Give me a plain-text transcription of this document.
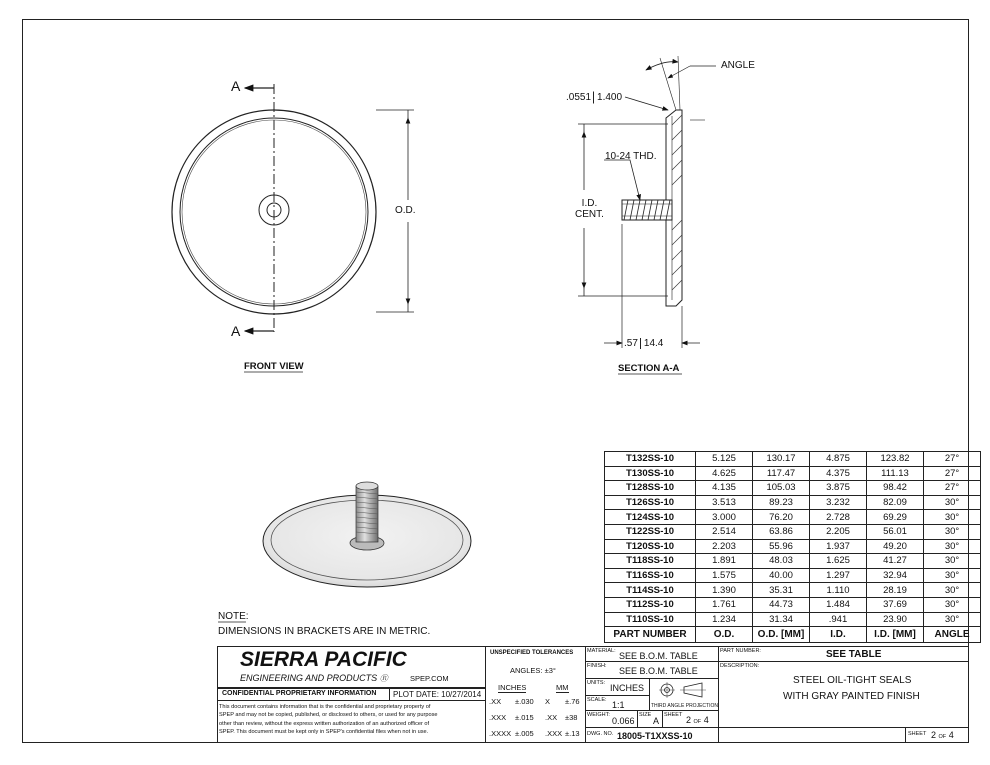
A
A
O.D.
FRONT VIEW	SECTION A-A
I.D.
CENT.
10-24 THD.
ANGLE
.0551 1.400
.57 14.4
NOTE:
DIMENSIONS IN BRACKETS ARE IN METRIC.
T132SS-10	5.125	130.17	4.875	123.82	27°
T130SS-10	4.625	117.47	4.375	111.13	27°
T128SS-10	4.135	105.03	3.875	98.42	27°
T126SS-10	3.513	89.23	3.232	82.09	30°
T124SS-10	3.000	76.20	2.728	69.29	30°
T122SS-10	2.514	63.86	2.205	56.01	30°
T120SS-10	2.203	55.96	1.937	49.20	30°
T118SS-10	1.891	48.03	1.625	41.27	30°
T116SS-10	1.575	40.00	1.297	32.94	30°
T114SS-10	1.390	35.31	1.110	28.19	30°
T112SS-10	1.761	44.73	1.484	37.69	30°
T110SS-10	1.234	31.34	.941	23.90	30°
PART NUMBER	O.D.	O.D. [MM]	I.D.	I.D. [MM]	ANGLE
SIERRA PACIFIC
ENGINEERING AND PRODUCTS Ⓡ	SPEP.COM
CONFIDENTIAL PROPRIETARY INFORMATION PLOT DATE: 10/27/2014
This document contains information that is the confidential and proprietary property of
SPEP and may not be copied, published, or disclosed to others, or used for any purpose
other than review, without the express written authorization of an authorized officer of
SPEP. This document must be kept only in SPEP's confidential files when not in use.
UNSPECIFIED TOLERANCES
ANGLES: ±3°
INCHES	MM
.XX ±.030 X ±.76
.XXX ±.015 .XX ±38
.XXXX ±.005 .XXX ±.13
MATERIAL: SEE B.O.M. TABLE
FINISH: SEE B.O.M. TABLE
UNITS: INCHES
SCALE: 1:1	THIRD ANGLE PROJECTION
WEIGHT:
0.066
SIZE
A
SHEET 2 OF 4
DWG. NO. 18005-T1XXSS-10
PART NUMBER:	SEE TABLE
DESCRIPTION:
STEEL OIL-TIGHT SEALS
WITH GRAY PAINTED FINISH
SHEET 2 OF 4
